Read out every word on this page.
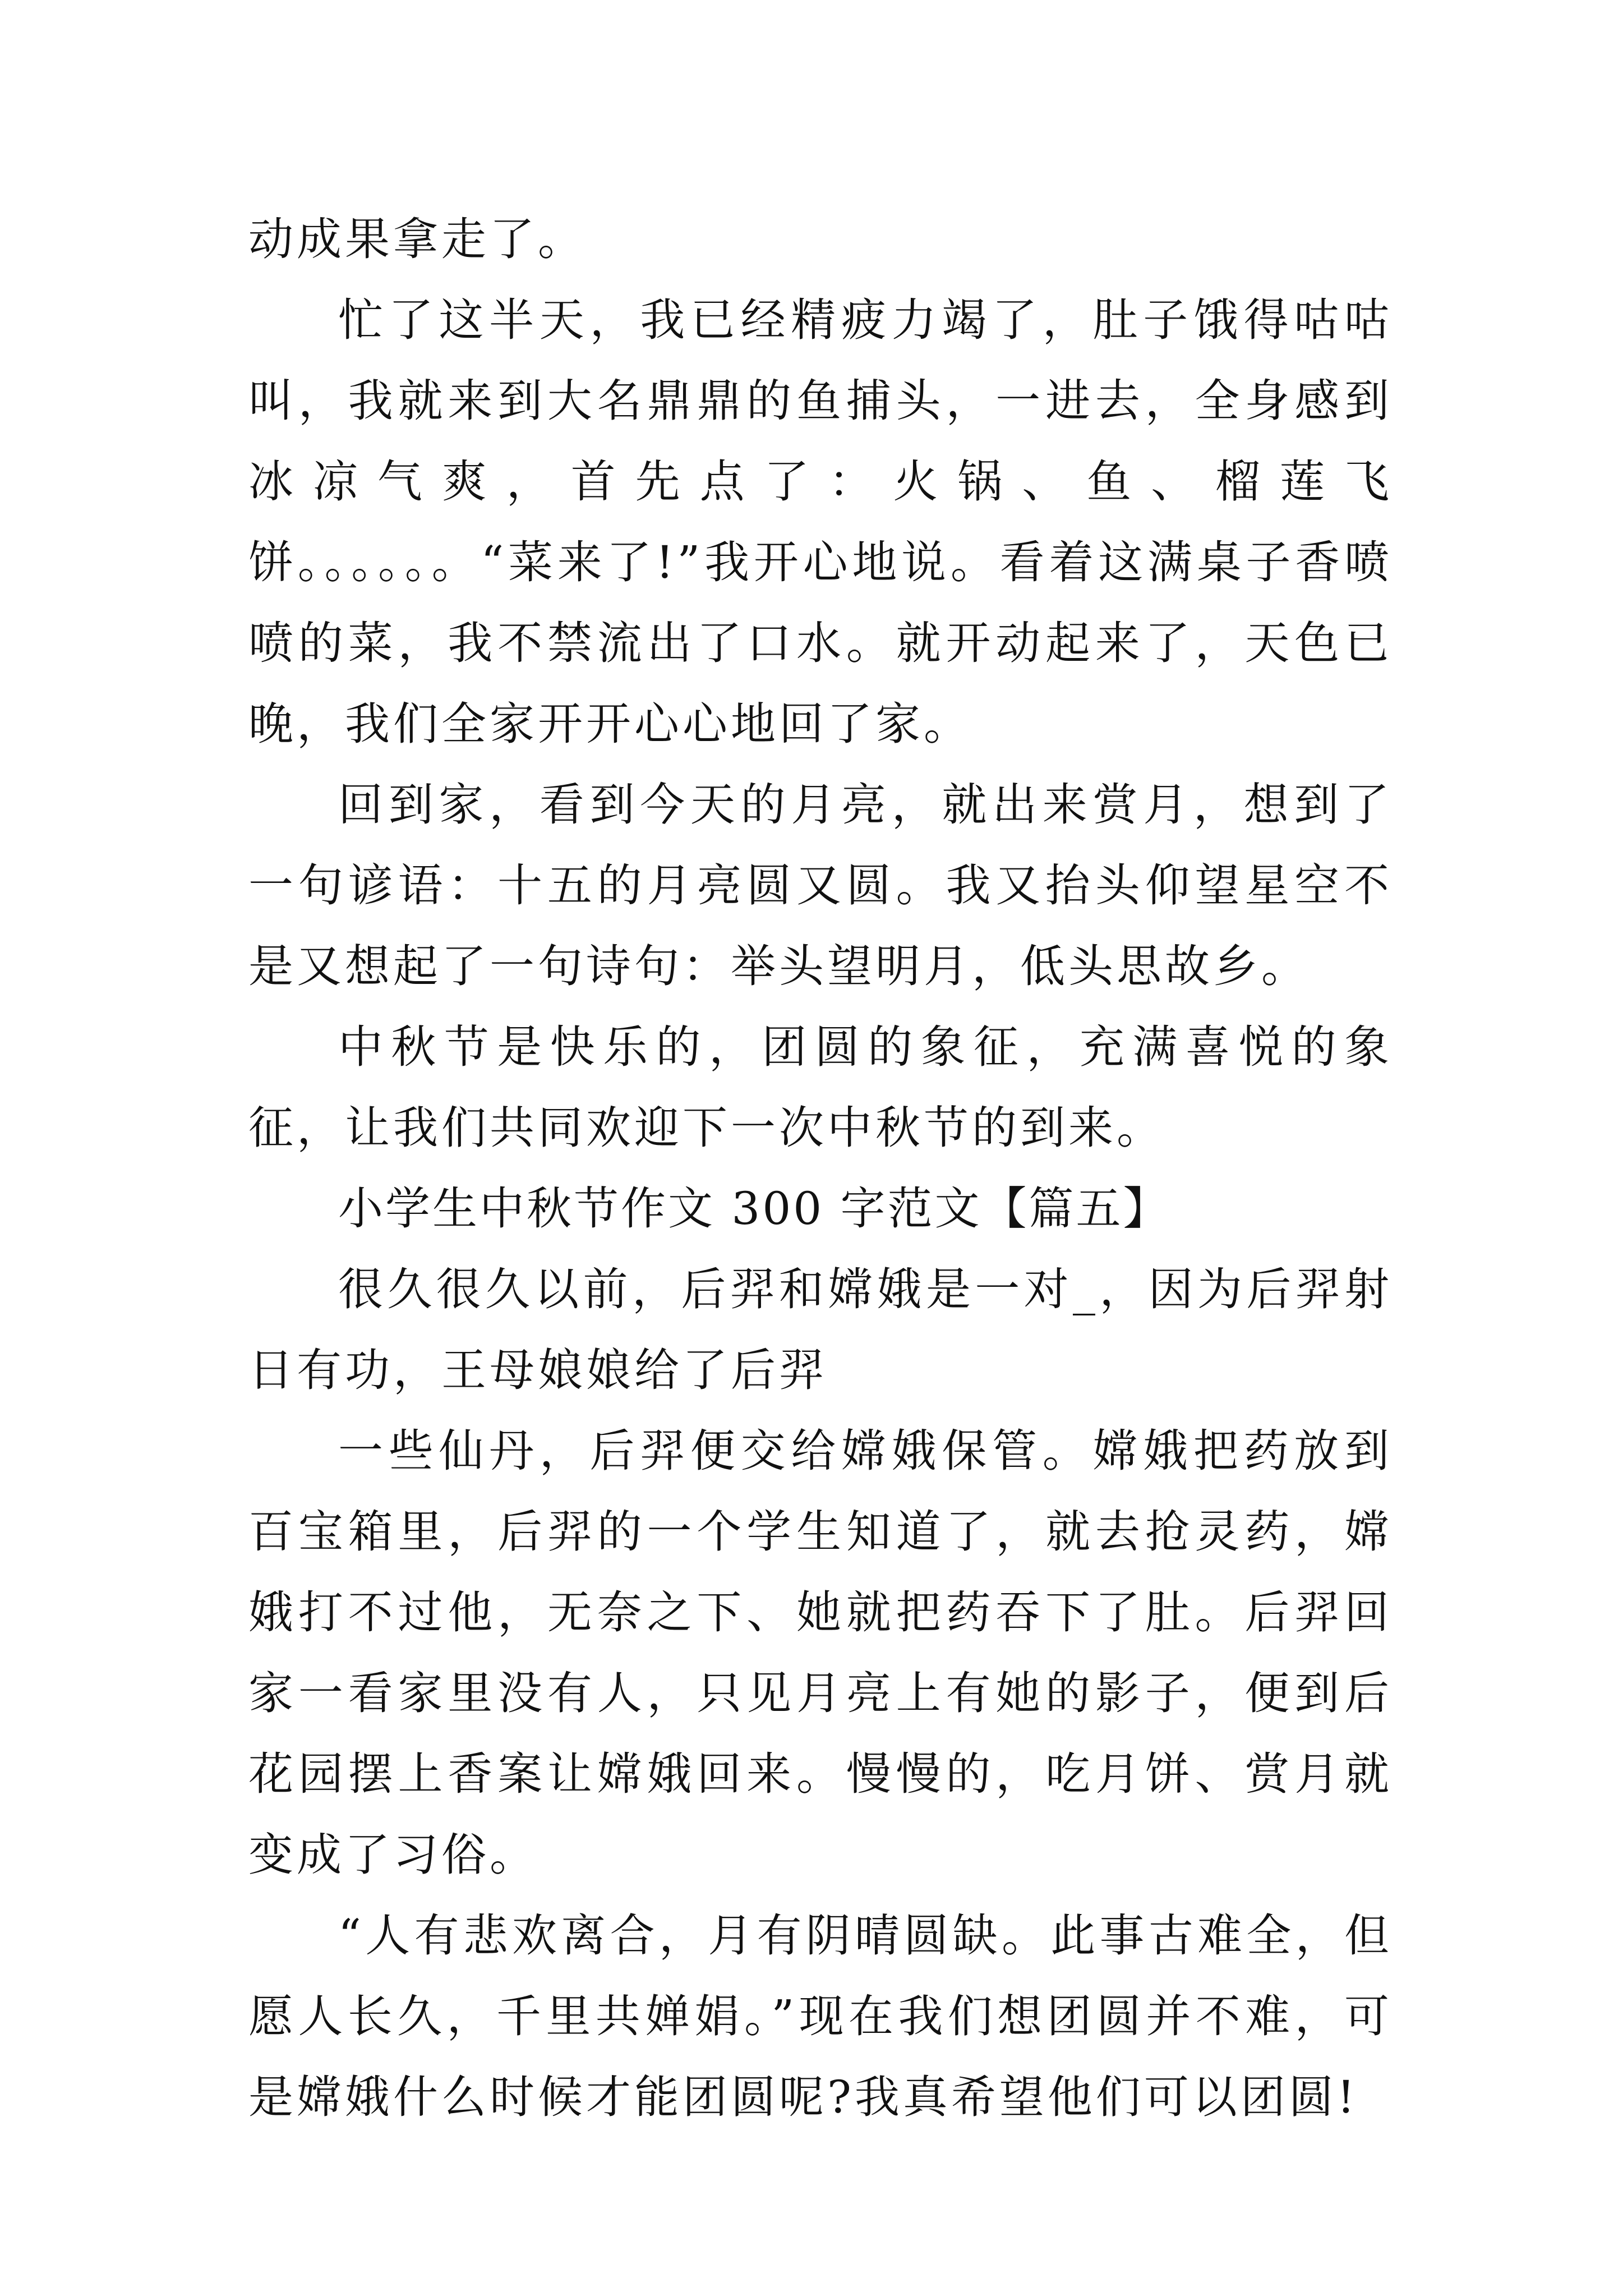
动成果拿走了。

忙了这半天，我已经精疲力竭了，肚子饿得咕咕叫，我就来到大名鼎鼎的鱼捕头，一进去，全身感到冰凉气爽，首先点了：火锅、鱼、榴莲飞饼。。。。。。“菜来了!”我开心地说。看着这满桌子香喷喷的菜，我不禁流出了口水。就开动起来了，天色已晚，我们全家开开心心地回了家。

回到家，看到今天的月亮，就出来赏月，想到了一句谚语：十五的月亮圆又圆。我又抬头仰望星空不是又想起了一句诗句：举头望明月，低头思故乡。

中秋节是快乐的，团圆的象征，充满喜悦的象征，让我们共同欢迎下一次中秋节的到来。

小学生中秋节作文 300 字范文【篇五】

很久很久以前，后羿和嫦娥是一对_，因为后羿射日有功，王母娘娘给了后羿

一些仙丹，后羿便交给嫦娥保管。嫦娥把药放到百宝箱里，后羿的一个学生知道了，就去抢灵药，嫦娥打不过他，无奈之下、她就把药吞下了肚。后羿回家一看家里没有人，只见月亮上有她的影子，便到后花园摆上香案让嫦娥回来。慢慢的，吃月饼、赏月就变成了习俗。

“人有悲欢离合，月有阴晴圆缺。此事古难全，但愿人长久，千里共婵娟。”现在我们想团圆并不难，可是嫦娥什么时候才能团圆呢?我真希望他们可以团圆!
